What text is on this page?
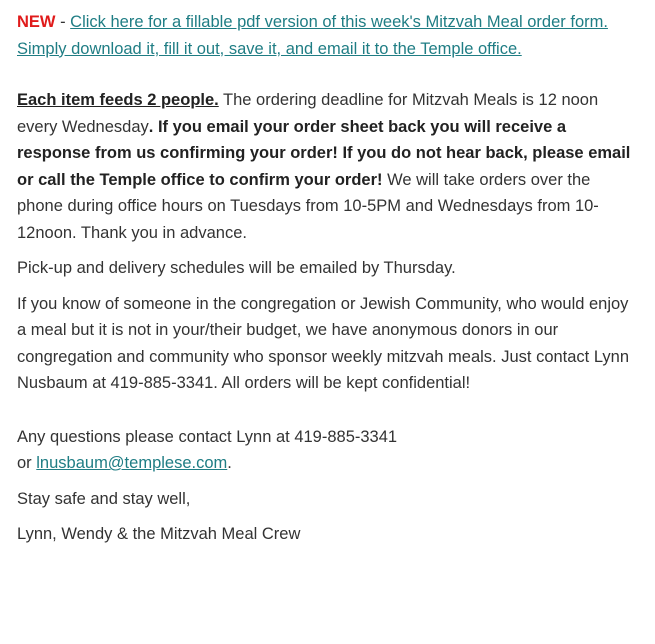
NEW - Click here for a fillable pdf version of this week's Mitzvah Meal order form. Simply download it, fill it out, save it, and email it to the Temple office.

Each item feeds 2 people. The ordering deadline for Mitzvah Meals is 12 noon every Wednesday. If you email your order sheet back you will receive a response from us confirming your order! If you do not hear back, please email or call the Temple office to confirm your order! We will take orders over the phone during office hours on Tuesdays from 10-5PM and Wednesdays from 10-12noon. Thank you in advance.

Pick-up and delivery schedules will be emailed by Thursday.

If you know of someone in the congregation or Jewish Community, who would enjoy a meal but it is not in your/their budget, we have anonymous donors in our congregation and community who sponsor weekly mitzvah meals. Just contact Lynn Nusbaum at 419-885-3341. All orders will be kept confidential!

Any questions please contact Lynn at 419-885-3341
or lnusbaum@templese.com.

Stay safe and stay well,

Lynn, Wendy & the Mitzvah Meal Crew
